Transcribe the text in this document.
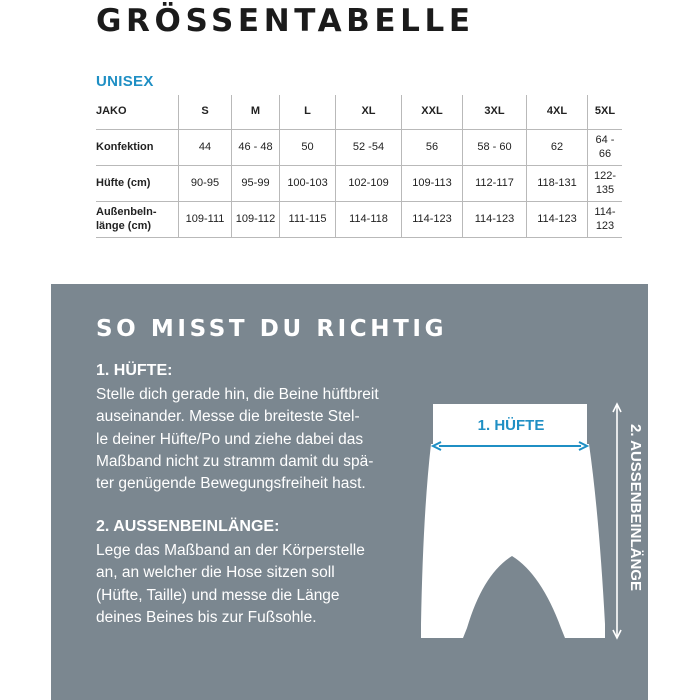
GRÖSSENTABELLE
UNISEX
JAKO	S	M	L	XL	XXL	3XL	4XL	5XL
Konfektion	44	46 - 48	50	52 -54	56	58 - 60	62	64 - 66
Hüfte (cm)	90-95	95-99	100-103	102-109	109-113	112-117	118-131	122-135
Außenbeln-
länge (cm)	109-111	109-112	111-115	114-118	114-123	114-123	114-123	114-123
SO MISST DU RICHTIG
1. HÜFTE:

Stelle dich gerade hin, die Beine hüftbreit
auseinander. Messe die breiteste Stel-
le deiner Hüfte/Po und ziehe dabei das
Maßband nicht zu stramm damit du spä-
ter genügende Bewegungsfreiheit hast.

2. AUSSENBEINLÄNGE:

Lege das Maßband an der Körperstelle
an, an welcher die Hose sitzen soll
(Hüfte, Taille) und messe die Länge
deines Beines bis zur Fußsohle.

1. HÜFTE	2. AUSSENBEINLÄNGE
